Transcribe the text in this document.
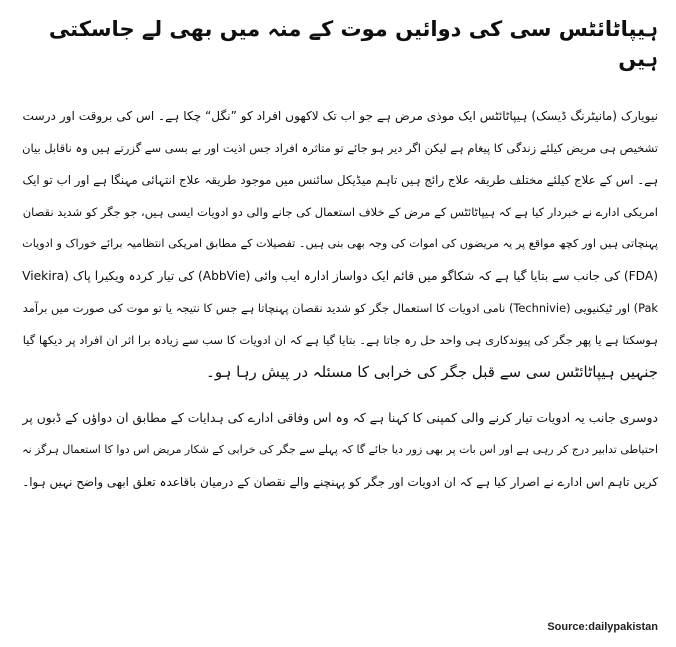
ہیپاٹائٹس سی کی دوائیں موت کے منہ میں بھی لے جاسکتی ہیں
نیویارک (مانیٹرنگ ڈیسک) ہیپاٹائٹس ایک موذی مرض ہے جو اب تک لاکھوں افراد کو ”نگل“ چکا ہے۔ اس کی بروقت اور درست
تشخیص ہی مریض کیلئے زندگی کا پیغام ہے لیکن اگر دیر ہو جائے تو متاثرہ افراد جس اذیت اور بے بسی سے گزرتے ہیں وہ ناقابل بیان
ہے۔ اس کے علاج کیلئے مختلف طریقہ علاج رائج ہیں تاہم میڈیکل سائنس میں موجود طریقہ علاج انتہائی مہنگا ہے اور اب تو ایک
امریکی ادارے نے خبردار کیا ہے کہ ہیپاٹائٹس کے مرض کے خلاف استعمال کی جانے والی دو ادویات ایسی ہیں، جو جگر کو شدید نقصان
پہنچاتی ہیں اور کچھ مواقع پر یہ مریضوں کی اموات کی وجہ بھی بنی ہیں۔ تفصیلات کے مطابق امریکی انتظامیہ برائے خوراک و ادویات
(FDA) کی جانب سے بتایا گیا ہے کہ شکاگو میں قائم ایک دواساز ادارہ ایب وائی (AbbVie) کی تیار کردہ ویکیرا پاک (Viekira
Pak) اور ٹیکنیویی (Technivie) نامی ادویات کا استعمال جگر کو شدید نقصان پہنچاتا ہے جس کا نتیجہ یا تو موت کی صورت میں برآمد
ہوسکتا ہے یا پھر جگر کی پیوندکاری ہی واحد حل رہ جاتا ہے۔ بتایا گیا ہے کہ ان ادویات کا سب سے زیادہ برا اثر ان افراد پر دیکھا گیا
جنہیں ہیپاٹائٹس سی سے قبل جگر کی خرابی کا مسئلہ در پیش رہا ہو۔
دوسری جانب یہ ادویات تیار کرنے والی کمپنی کا کہنا ہے کہ وہ اس وفاقی ادارے کی ہدایات کے مطابق ان دواؤں کے ڈبوں پر
احتیاطی تدابیر درج کر رہی ہے اور اس بات پر بھی زور دیا جائے گا کہ پہلے سے جگر کی خرابی کے شکار مریض اس دوا کا استعمال ہرگز نہ
کریں تاہم اس ادارے نے اصرار کیا ہے کہ ان ادویات اور جگر کو پہنچنے والے نقصان کے درمیان باقاعدہ تعلق ابھی واضح نہیں ہوا۔
Source:dailypakistan
